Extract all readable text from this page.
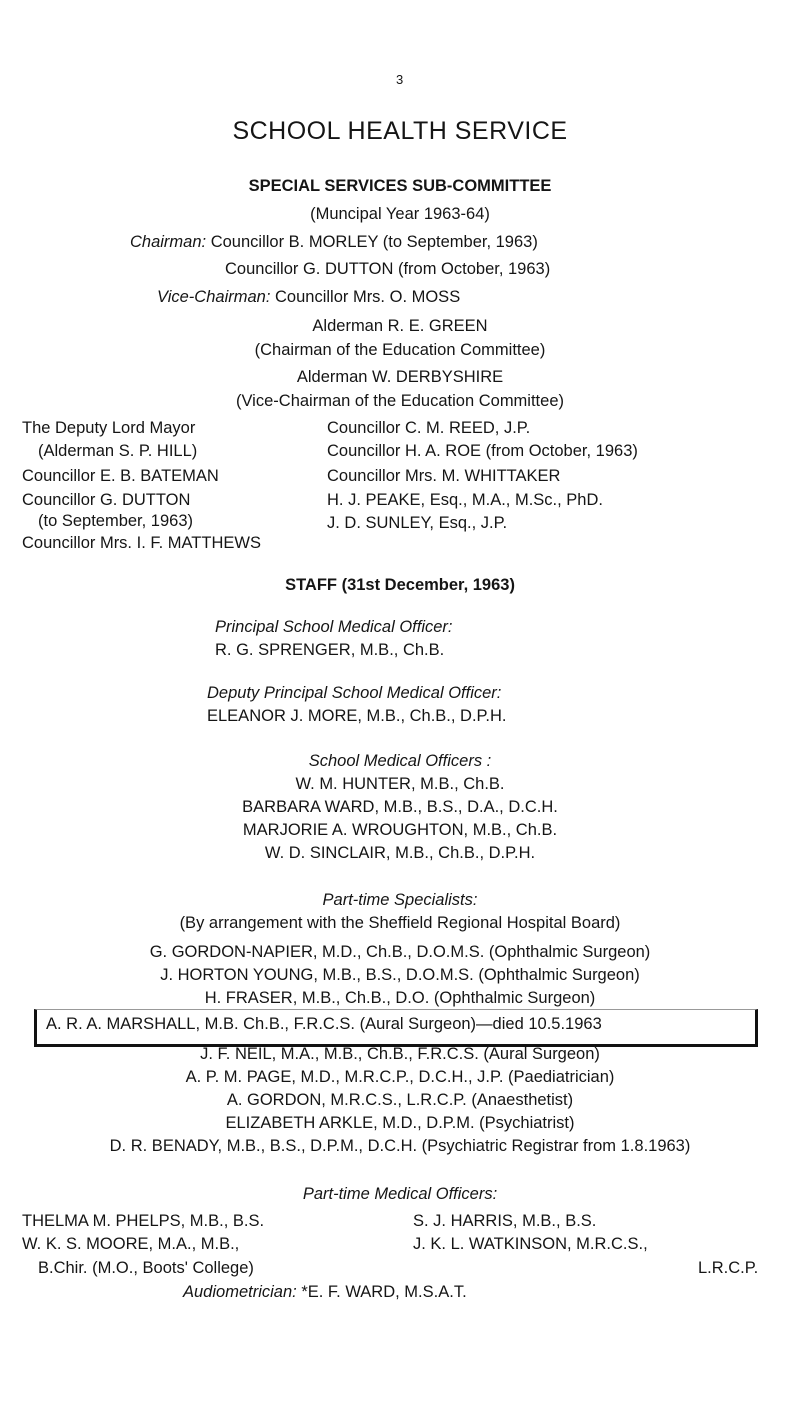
3
SCHOOL HEALTH SERVICE
SPECIAL SERVICES SUB-COMMITTEE
(Muncipal Year 1963-64)
Chairman: Councillor B. MORLEY (to September, 1963)
Councillor G. DUTTON (from October, 1963)
Vice-Chairman: Councillor Mrs. O. MOSS
Alderman R. E. GREEN
(Chairman of the Education Committee)
Alderman W. DERBYSHIRE
(Vice-Chairman of the Education Committee)
The Deputy Lord Mayor
(Alderman S. P. HILL)
Councillor E. B. BATEMAN
Councillor G. DUTTON
(to September, 1963)
Councillor Mrs. I. F. MATTHEWS
Councillor C. M. REED, J.P.
Councillor H. A. ROE (from October, 1963)
Councillor Mrs. M. WHITTAKER
H. J. PEAKE, Esq., M.A., M.Sc., PhD.
J. D. SUNLEY, Esq., J.P.
STAFF (31st December, 1963)
Principal School Medical Officer:
R. G. SPRENGER, M.B., Ch.B.
Deputy Principal School Medical Officer:
ELEANOR J. MORE, M.B., Ch.B., D.P.H.
School Medical Officers :
W. M. HUNTER, M.B., Ch.B.
BARBARA WARD, M.B., B.S., D.A., D.C.H.
MARJORIE A. WROUGHTON, M.B., Ch.B.
W. D. SINCLAIR, M.B., Ch.B., D.P.H.
Part-time Specialists:
(By arrangement with the Sheffield Regional Hospital Board)
G. GORDON-NAPIER, M.D., Ch.B., D.O.M.S. (Ophthalmic Surgeon)
J. HORTON YOUNG, M.B., B.S., D.O.M.S. (Ophthalmic Surgeon)
H. FRASER, M.B., Ch.B., D.O. (Ophthalmic Surgeon)
A. R. A. MARSHALL, M.B. Ch.B., F.R.C.S. (Aural Surgeon)—died 10.5.1963
J. F. NEIL, M.A., M.B., Ch.B., F.R.C.S. (Aural Surgeon)
A. P. M. PAGE, M.D., M.R.C.P., D.C.H., J.P. (Paediatrician)
A. GORDON, M.R.C.S., L.R.C.P. (Anaesthetist)
ELIZABETH ARKLE, M.D., D.P.M. (Psychiatrist)
D. R. BENADY, M.B., B.S., D.P.M., D.C.H. (Psychiatric Registrar from 1.8.1963)
Part-time Medical Officers:
THELMA M. PHELPS, M.B., B.S.
W. K. S. MOORE, M.A., M.B.,
B.Chir. (M.O., Boots' College)
S. J. HARRIS, M.B., B.S.
J. K. L. WATKINSON, M.R.C.S.,
L.R.C.P.
Audiometrician: *E. F. WARD, M.S.A.T.
